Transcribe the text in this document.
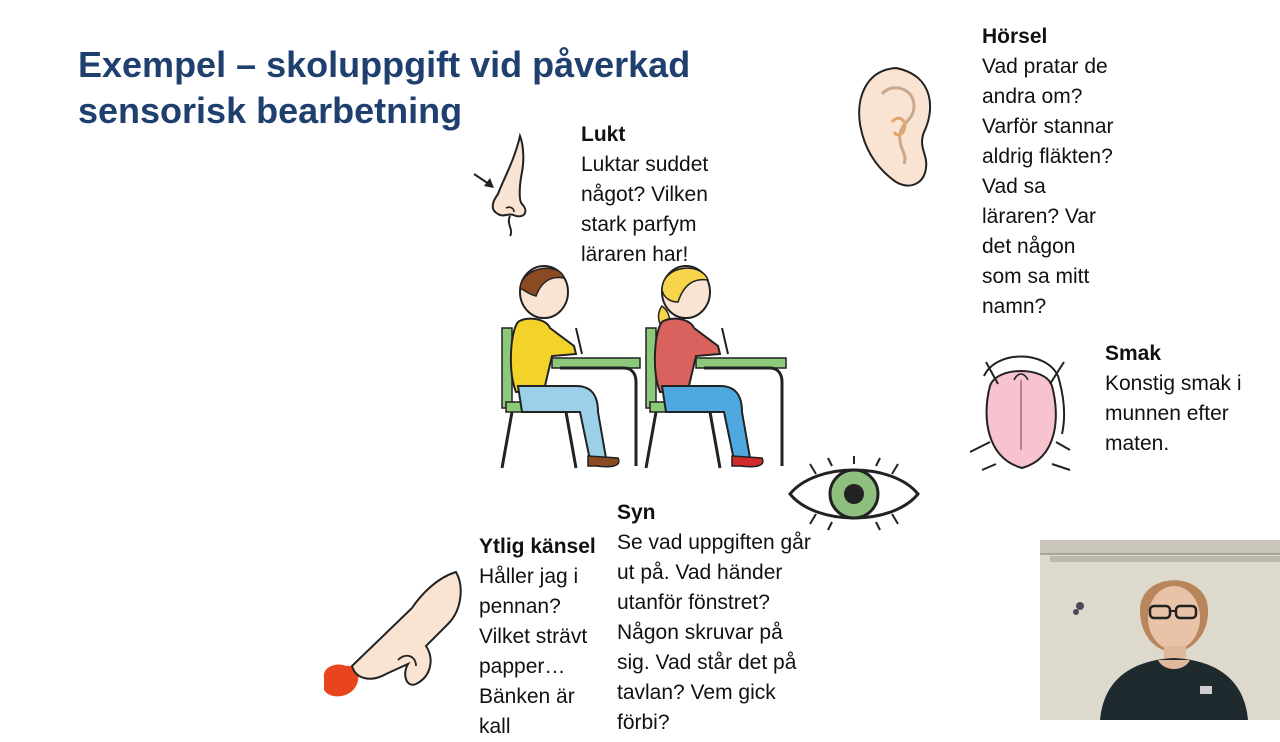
Exempel – skoluppgift vid påverkad
sensorisk bearbetning
Lukt
Luktar suddet
något? Vilken
stark parfym
läraren har!
Hörsel
Vad pratar de
andra om?
Varför stannar
aldrig fläkten?
Vad sa
läraren? Var
det någon
som sa mitt
namn?
Smak
Konstig smak i
munnen efter
maten.
Syn
Se vad uppgiften går
ut på. Vad händer
utanför fönstret?
Någon skruvar på
sig. Vad står det på
tavlan? Vem gick
förbi?
Ytlig känsel
Håller jag i
pennan?
Vilket strävt
papper…
Bänken är
kall
